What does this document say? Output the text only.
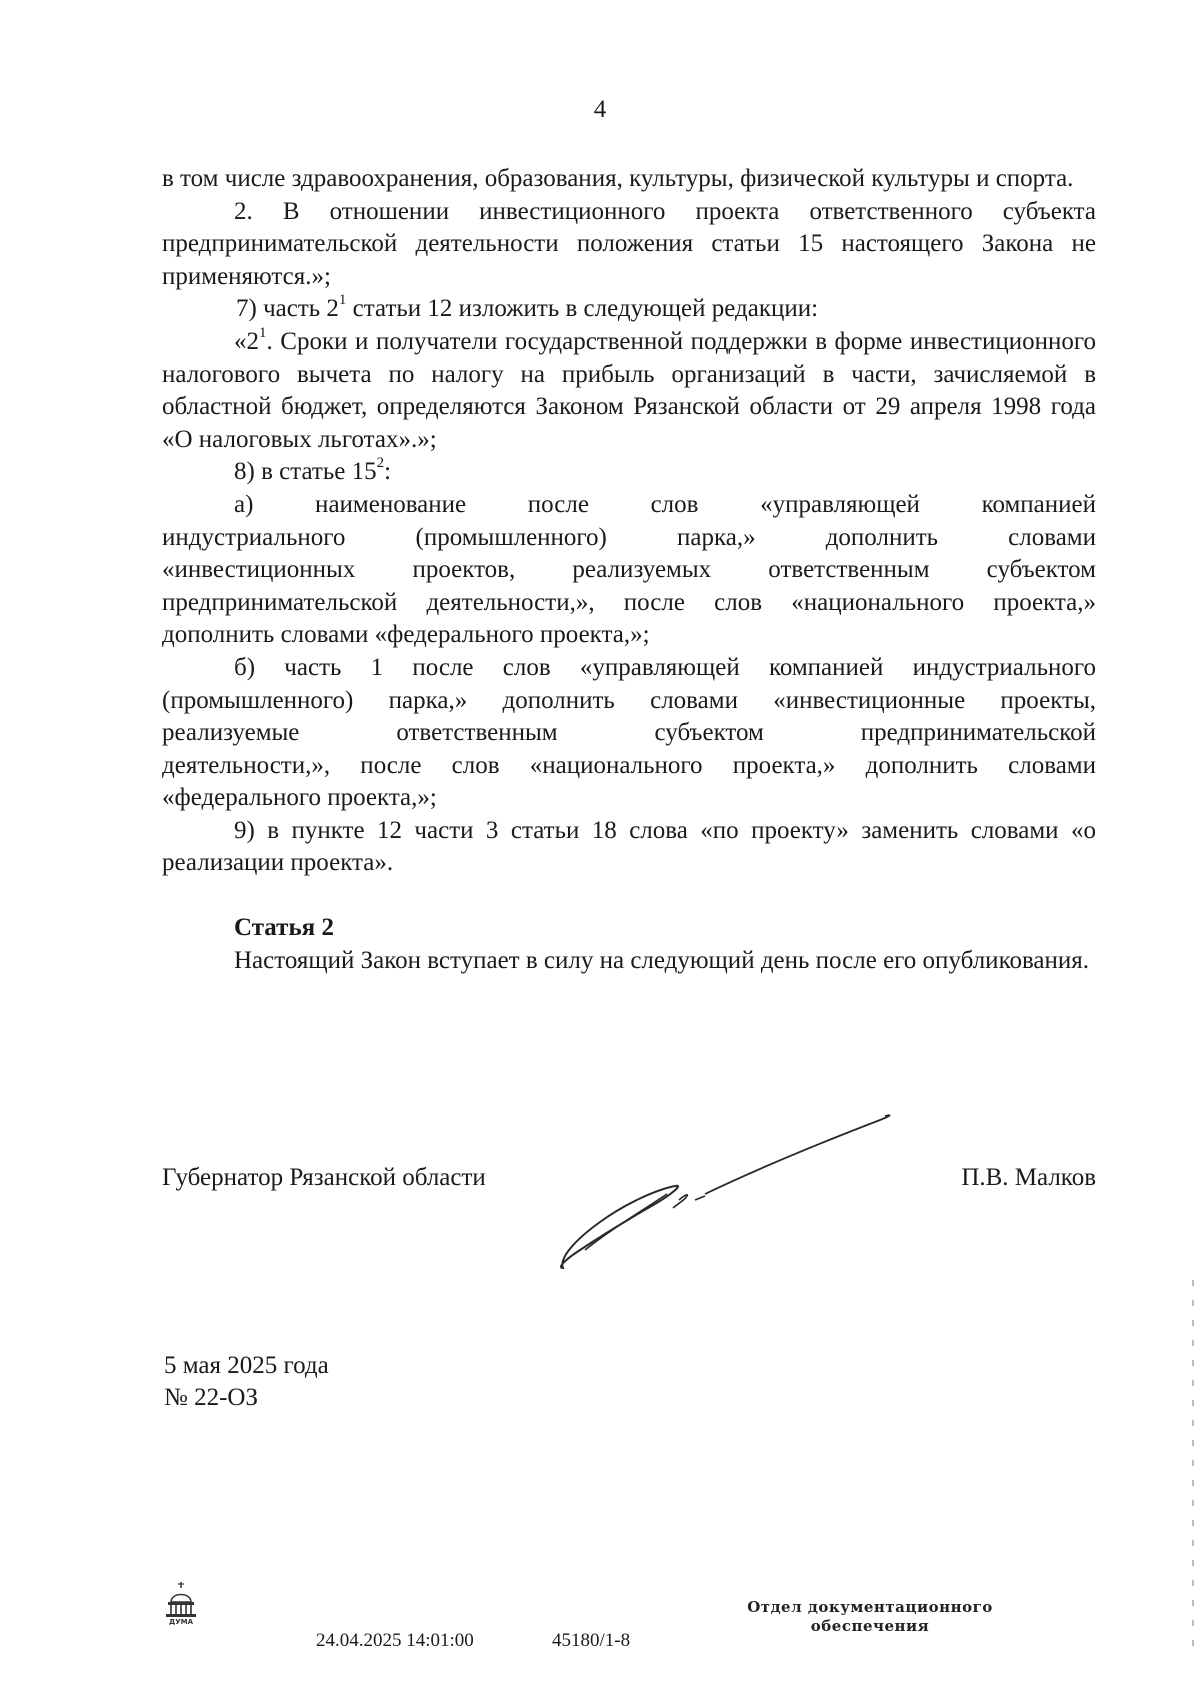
4

в том числе здравоохранения, образования, культуры, физической культуры и спорта.

2. В отношении инвестиционного проекта ответственного субъекта предпринимательской деятельности положения статьи 15 настоящего Закона не применяются.»;

7) часть $2^1$ статьи 12 изложить в следующей редакции:

«$2^1$. Сроки и получатели государственной поддержки в форме инвестиционного налогового вычета по налогу на прибыль организаций в части, зачисляемой в областной бюджет, определяются Законом Рязанской области от 29 апреля 1998 года «О налоговых льготах».»;

8) в статье $15^2$:

а) наименование после слов «управляющей компанией

индустриального (промышленного) парка,» дополнить словами

«инвестиционных проектов, реализуемых ответственным субъектом

предпринимательской деятельности,», после слов «национального проекта,»

дополнить словами «федерального проекта,»;

б) часть 1 после слов «управляющей компанией индустриального

(промышленного) парка,» дополнить словами «инвестиционные проекты,

реализуемые ответственным субъектом предпринимательской

деятельности,», после слов «национального проекта,» дополнить словами

«федерального проекта,»;

9) в пункте 12 части 3 статьи 18 слова «по проекту» заменить словами «о реализации проекта».

Статья 2

Настоящий Закон вступает в силу на следующий день после его опубликования.

Губернатор Рязанской области	П.В. Малков
5 мая 2025 года
№ 22-ОЗ
ДУМА
24.04.2025 14:01:00	45180/1-8
Отдел документационного
обеспечения
